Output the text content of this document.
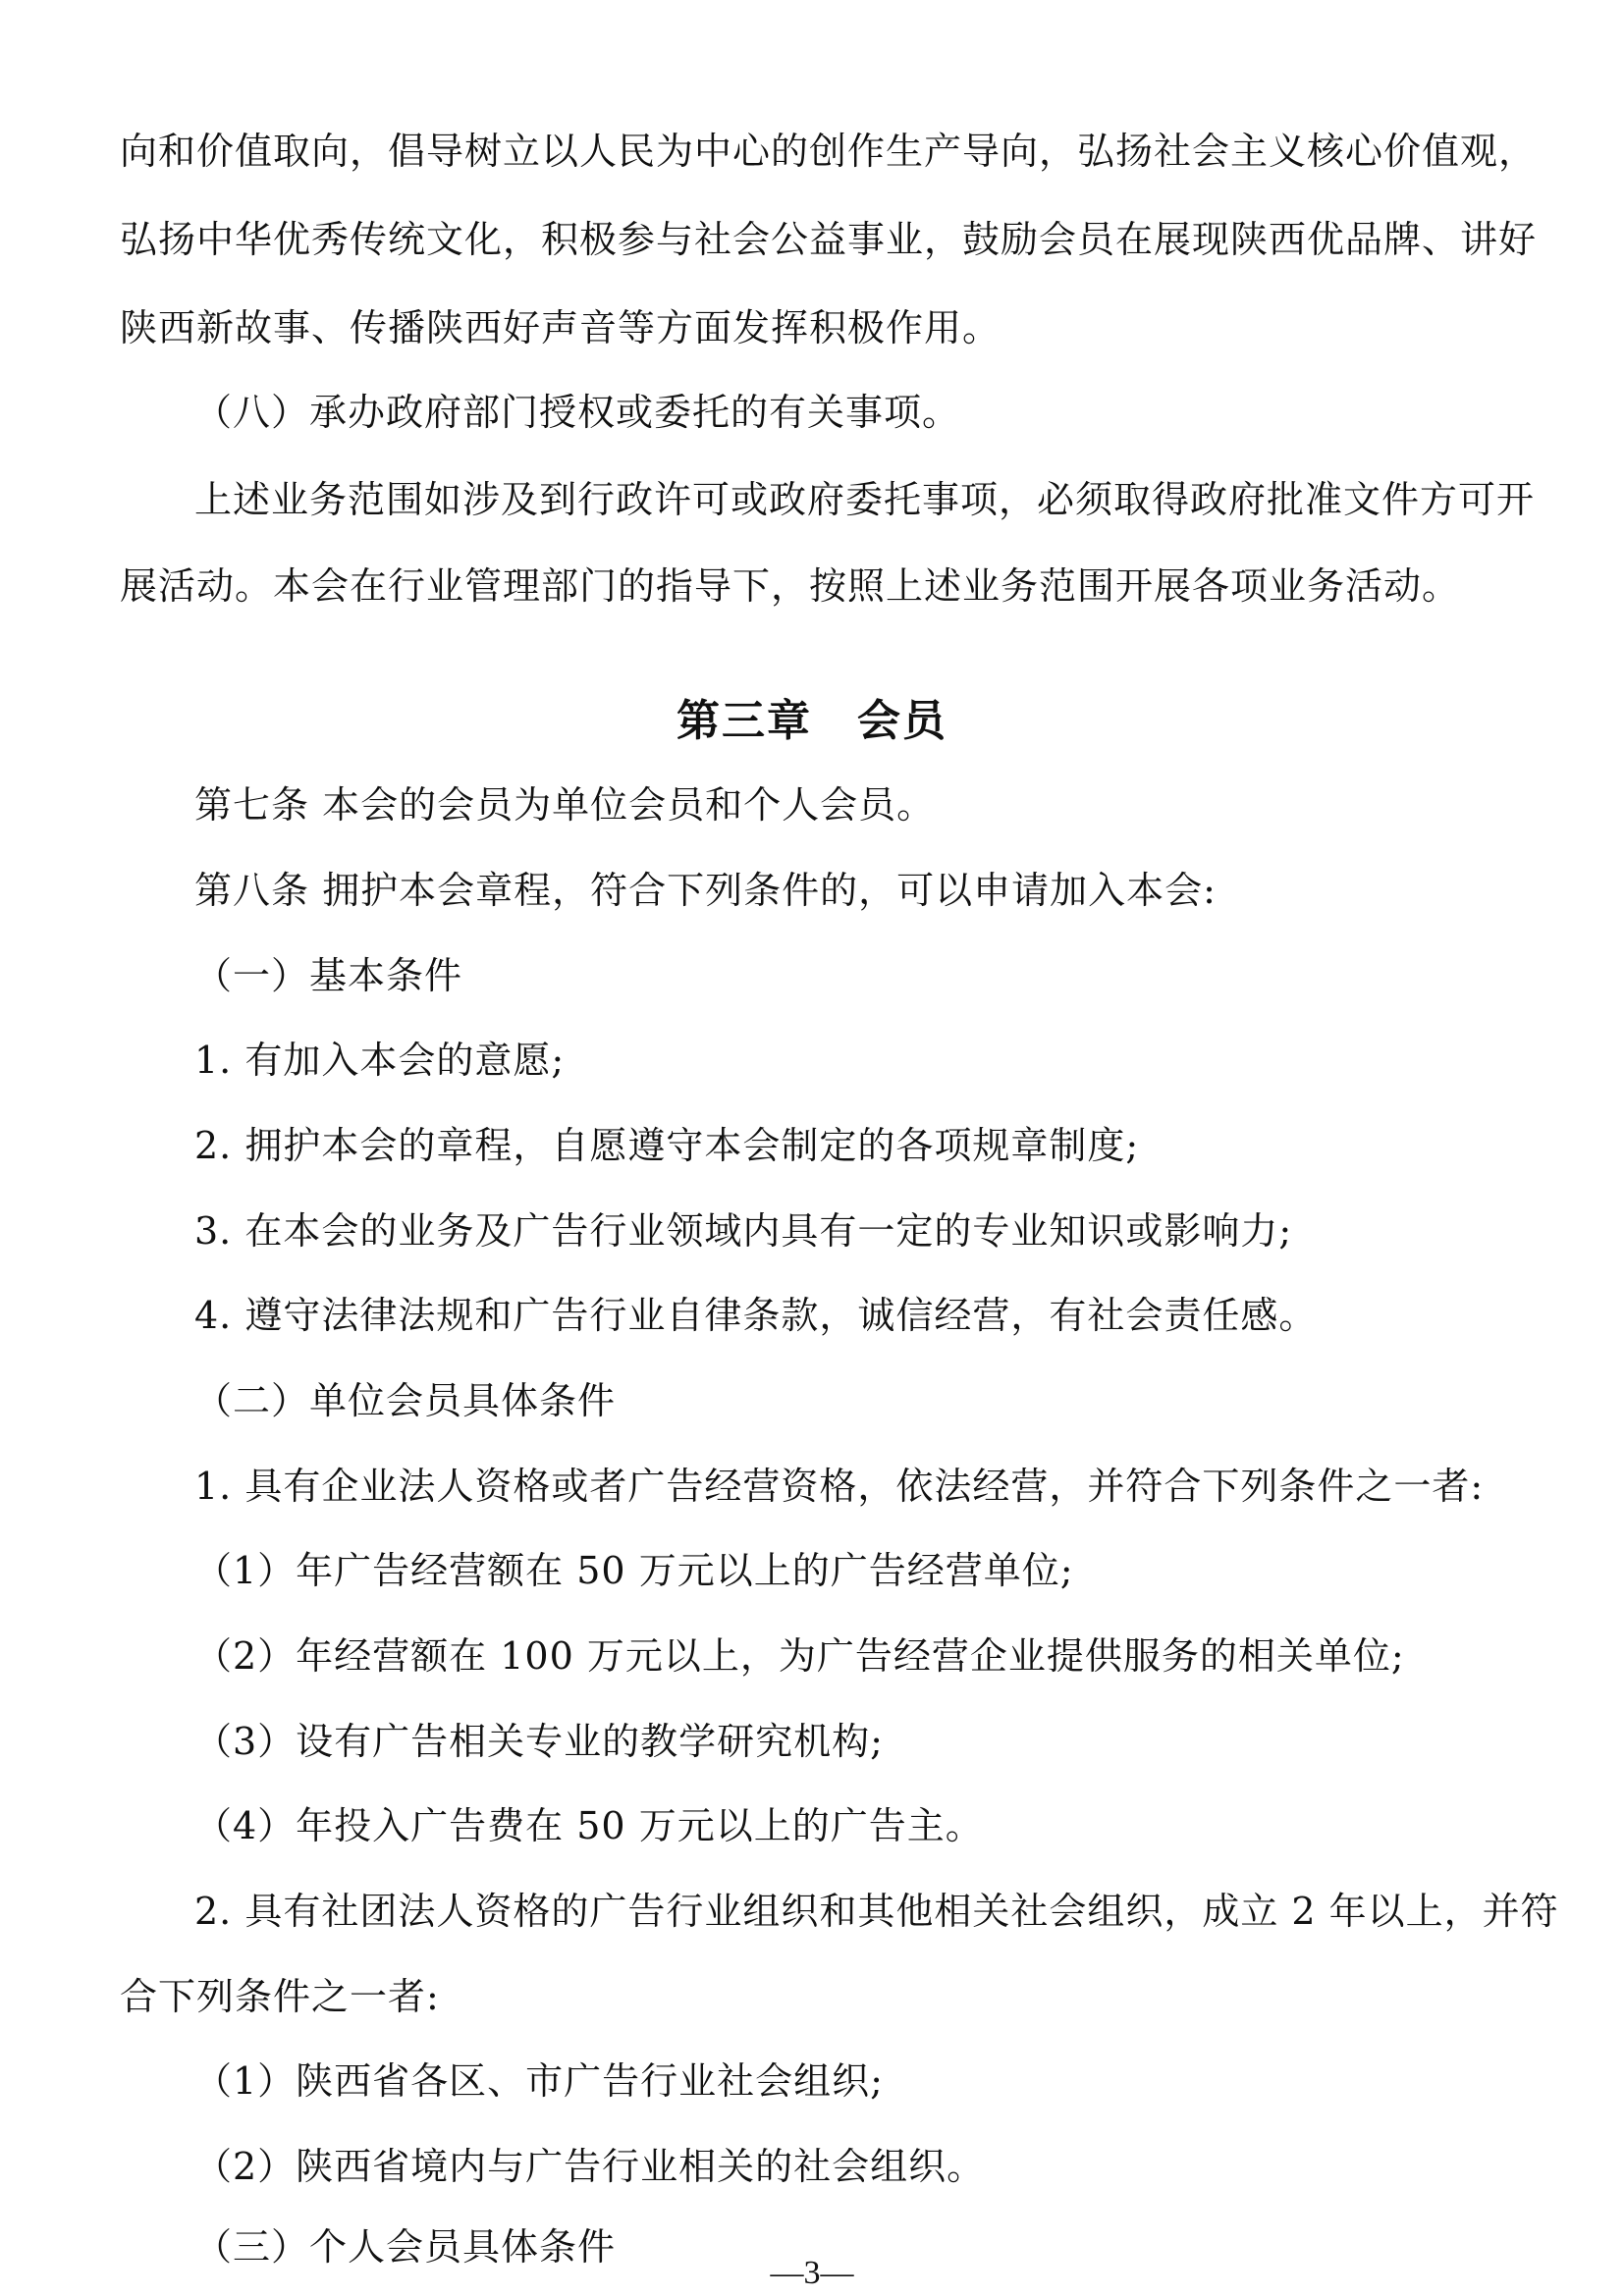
向和价值取向，倡导树立以人民为中心的创作生产导向，弘扬社会主义核心价值观，
弘扬中华优秀传统文化，积极参与社会公益事业，鼓励会员在展现陕西优品牌、讲好
陕西新故事、传播陕西好声音等方面发挥积极作用。
（八）承办政府部门授权或委托的有关事项。
上述业务范围如涉及到行政许可或政府委托事项，必须取得政府批准文件方可开
展活动。本会在行业管理部门的指导下，按照上述业务范围开展各项业务活动。
第三章　会员
第七条 本会的会员为单位会员和个人会员。
第八条 拥护本会章程，符合下列条件的，可以申请加入本会:
（一）基本条件
1. 有加入本会的意愿;
2. 拥护本会的章程，自愿遵守本会制定的各项规章制度;
3. 在本会的业务及广告行业领域内具有一定的专业知识或影响力;
4. 遵守法律法规和广告行业自律条款，诚信经营，有社会责任感。
（二）单位会员具体条件
1. 具有企业法人资格或者广告经营资格，依法经营，并符合下列条件之一者:
（1）年广告经营额在 50 万元以上的广告经营单位;
（2）年经营额在 100 万元以上，为广告经营企业提供服务的相关单位;
（3）设有广告相关专业的教学研究机构;
（4）年投入广告费在 50 万元以上的广告主。
2. 具有社团法人资格的广告行业组织和其他相关社会组织，成立 2 年以上，并符
合下列条件之一者:
（1）陕西省各区、市广告行业社会组织;
（2）陕西省境内与广告行业相关的社会组织。
（三）个人会员具体条件
—3—
